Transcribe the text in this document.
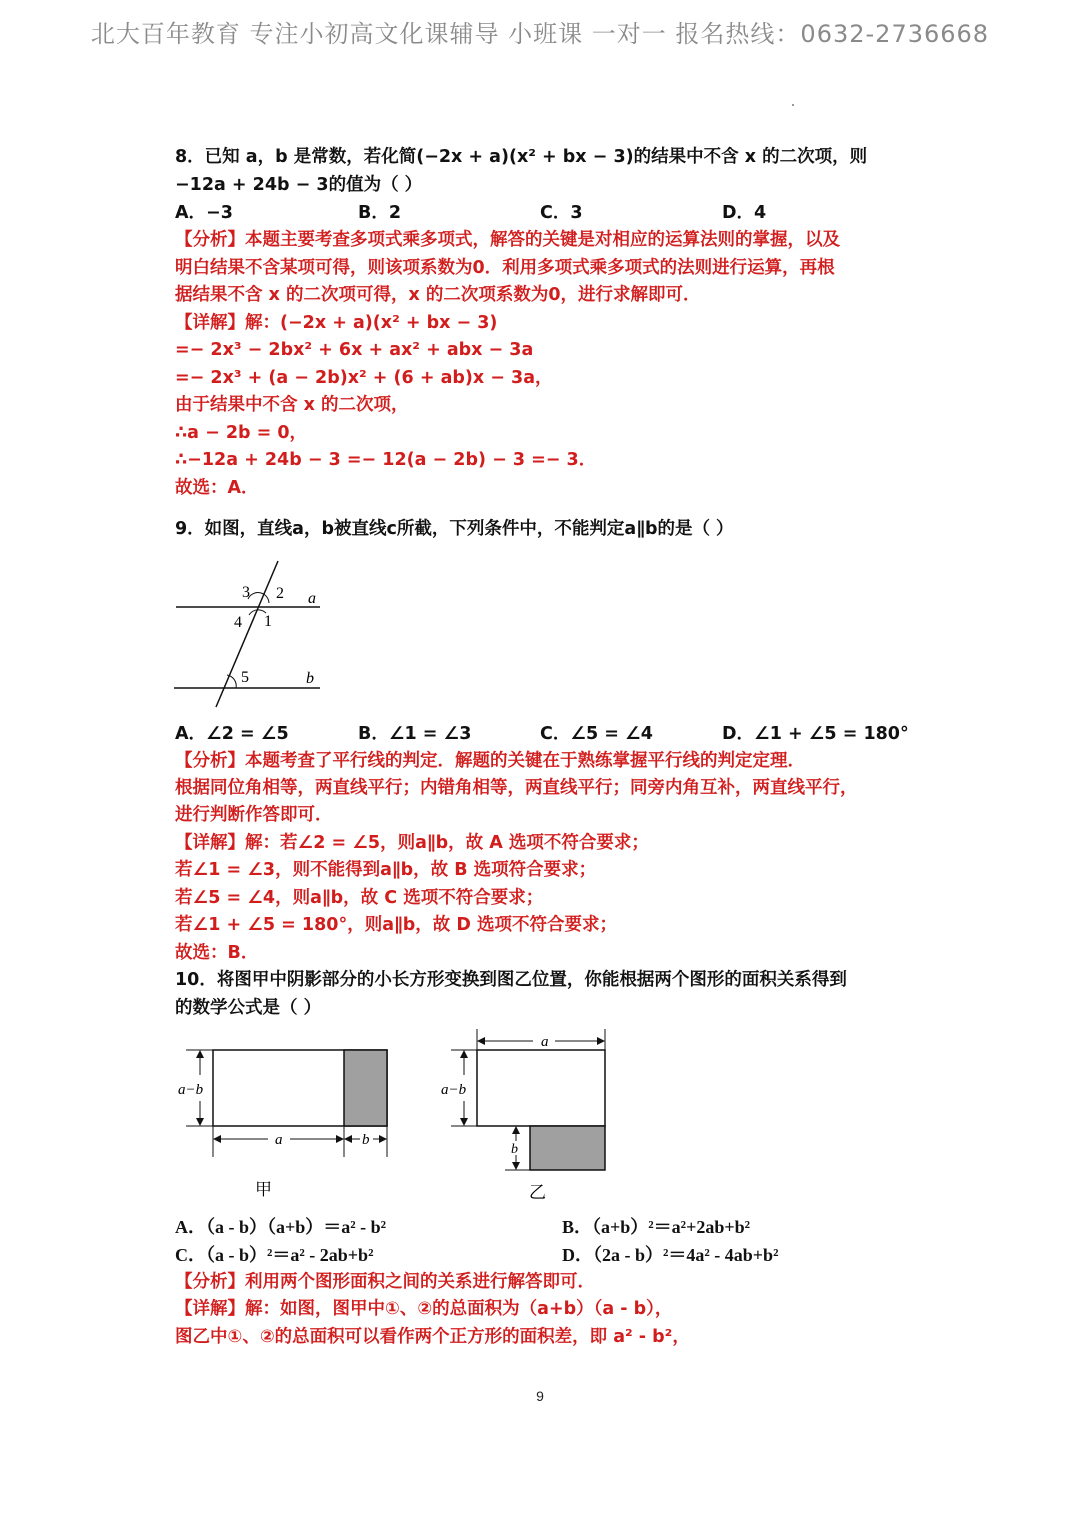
北大百年教育 专注小初高文化课辅导 小班课 一对一 报名热线：0632-2736668
8．已知 a，b 是常数，若化简(−2x + a)(x² + bx − 3)的结果中不含 x 的二次项，则
−12a + 24b − 3的值为（ ）
A．−3	B．2	C．3	D．4
【分析】本题主要考查多项式乘多项式，解答的关键是对相应的运算法则的掌握，以及
明白结果不含某项可得，则该项系数为0．利用多项式乘多项式的法则进行运算，再根
据结果不含 x 的二次项可得，x 的二次项系数为0，进行求解即可．
【详解】解：(−2x + a)(x² + bx − 3)
=− 2x³ − 2bx² + 6x + ax² + abx − 3a
=− 2x³ + (a − 2b)x² + (6 + ab)x − 3a，
由于结果中不含 x 的二次项，
∴a − 2b = 0，
∴−12a + 24b − 3 =− 12(a − 2b) − 3 =− 3．
故选：A．
9．如图，直线a，b被直线c所截，下列条件中，不能判定a∥b的是（ ）
3 2 a
4 1
5	b
A．∠2 = ∠5	B．∠1 = ∠3	C．∠5 = ∠4	D．∠1 + ∠5 = 180°
【分析】本题考查了平行线的判定．解题的关键在于熟练掌握平行线的判定定理．
根据同位角相等，两直线平行；内错角相等，两直线平行；同旁内角互补，两直线平行，
进行判断作答即可．
【详解】解：若∠2 = ∠5，则a∥b，故 A 选项不符合要求；
若∠1 = ∠3，则不能得到a∥b，故 B 选项符合要求；
若∠5 = ∠4，则a∥b，故 C 选项不符合要求；
若∠1 + ∠5 = 180°，则a∥b，故 D 选项不符合要求；
故选：B．
10．将图甲中阴影部分的小长方形变换到图乙位置，你能根据两个图形的面积关系得到
的数学公式是（ ）
a−b
a	b
甲
a
a−b
b
乙
A．（a - b）（a+b）＝a² - b²	B．（a+b）²＝a²+2ab+b²
C．（a - b）²＝a² - 2ab+b²	D．（2a - b）²＝4a² - 4ab+b²
【分析】利用两个图形面积之间的关系进行解答即可．
【详解】解：如图，图甲中①、②的总面积为（a+b）（a - b），
图乙中①、②的总面积可以看作两个正方形的面积差，即 a² - b²，
9
